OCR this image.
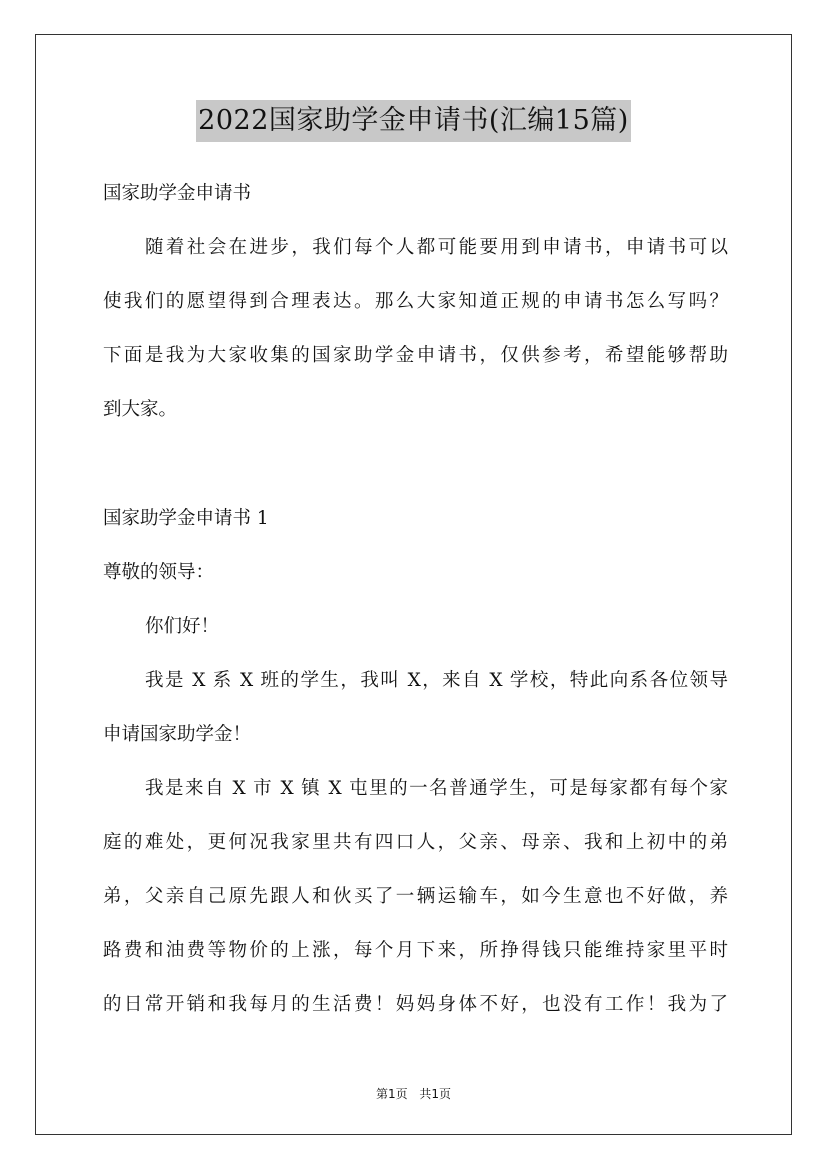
2022国家助学金申请书(汇编15篇)
国家助学金申请书
随着社会在进步，我们每个人都可能要用到申请书，申请书可以
使我们的愿望得到合理表达。那么大家知道正规的申请书怎么写吗？
下面是我为大家收集的国家助学金申请书，仅供参考，希望能够帮助
到大家。
国家助学金申请书 1
尊敬的领导：
你们好！
我是 X 系 X 班的学生，我叫 X，来自 X 学校，特此向系各位领导
申请国家助学金！
我是来自 X 市 X 镇 X 屯里的一名普通学生，可是每家都有每个家
庭的难处，更何况我家里共有四口人，父亲、母亲、我和上初中的弟
弟，父亲自己原先跟人和伙买了一辆运输车，如今生意也不好做，养
路费和油费等物价的上涨，每个月下来，所挣得钱只能维持家里平时
的日常开销和我每月的生活费！妈妈身体不好，也没有工作！我为了
第1页 共1页
